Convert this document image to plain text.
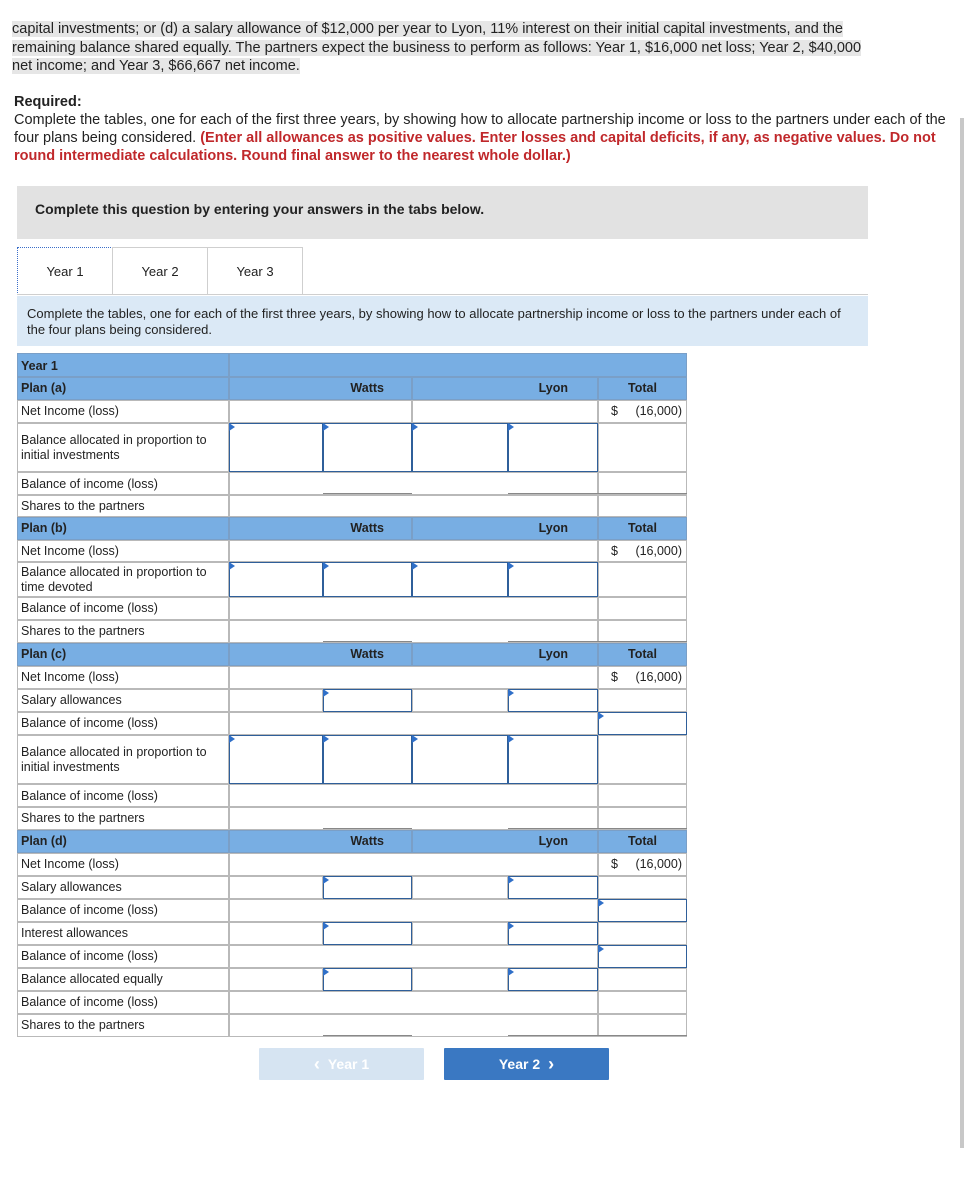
capital investments; or (d) a salary allowance of $12,000 per year to Lyon, 11% interest on their initial capital investments, and the
remaining balance shared equally. The partners expect the business to perform as follows: Year 1, $16,000 net loss; Year 2, $40,000
net income; and Year 3, $66,667 net income.
Required:
Complete the tables, one for each of the first three years, by showing how to allocate partnership income or loss to the partners under each of the four plans being considered. (Enter all allowances as positive values. Enter losses and capital deficits, if any, as negative values. Do not round intermediate calculations. Round final answer to the nearest whole dollar.)
Complete this question by entering your answers in the tabs below.
Year 1	Year 2	Year 3
Complete the tables, one for each of the first three years, by showing how to allocate partnership income or loss to the partners under each of the four plans being considered.
Year 1
Plan (a)	Watts	Lyon	Total
Net Income (loss)	$ (16,000)
Balance allocated in proportion to initial investments
Balance of income (loss)
Shares to the partners
Plan (b)	Watts	Lyon	Total
Net Income (loss)	$ (16,000)
Balance allocated in proportion to time devoted
Balance of income (loss)
Shares to the partners
Plan (c)	Watts	Lyon	Total
Net Income (loss)	$ (16,000)
Salary allowances
Balance of income (loss)
Balance allocated in proportion to initial investments
Balance of income (loss)
Shares to the partners
Plan (d)	Watts	Lyon	Total
Net Income (loss)	$ (16,000)
Salary allowances
Balance of income (loss)
Interest allowances
Balance of income (loss)
Balance allocated equally
Balance of income (loss)
Shares to the partners
‹ Year 1	Year 2 ›
